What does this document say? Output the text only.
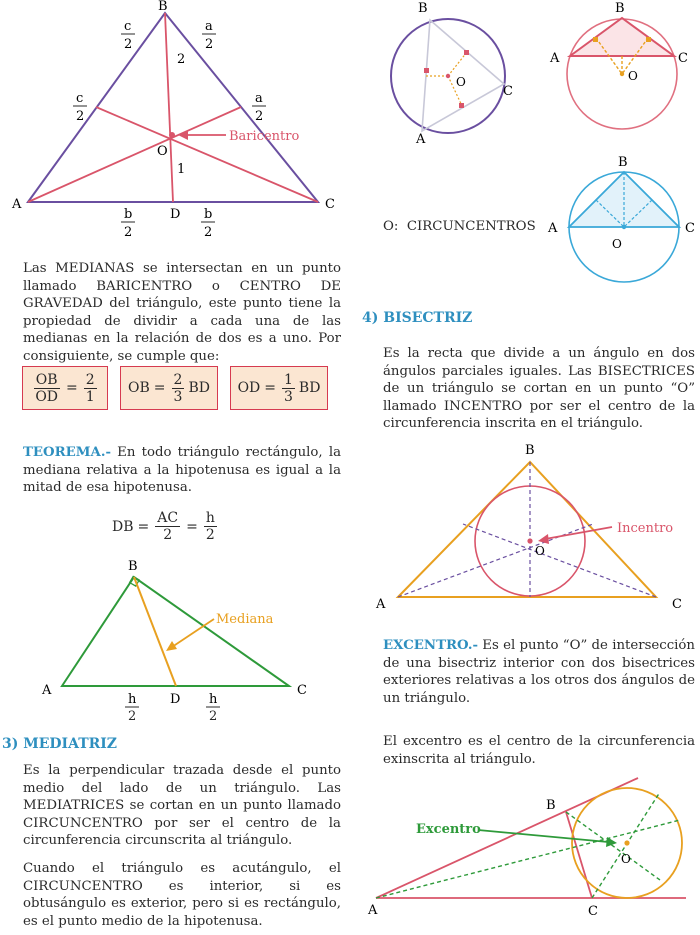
B
A	C
O
D
2
1
c
2
a
2
c
2
a
2
b
2
b
2
Baricentro

Las MEDIANAS se intersectan en un punto llamado BARICENTRO o CENTRO DE GRAVEDAD del triángulo, este punto tiene la propiedad de dividir a cada una de las medianas en la relación de dos es a uno. Por consiguiente, se cumple que:

$\frac{OB}{OD} = \frac{2}{1}$ OB = $\frac{2}{3}$ BD OD = $\frac{1}{3}$ BD

TEOREMA.- En todo triángulo rectángulo, la mediana relativa a la hipotenusa es igual a la mitad de esa hipotenusa.

DB = $\frac{AC}{2} = \frac{h}{2}$
B
A	C
D
Mediana
h	h
2	2
3) MEDIATRIZ

Es la perpendicular trazada desde el punto medio del lado de un triángulo. Las MEDIATRICES se cortan en un punto llamado CIRCUNCENTRO por ser el centro de la circunferencia circunscrita al triángulo.

Cuando el triángulo es acutángulo, el CIRCUNCENTRO es interior, si es obtusángulo es exterior, pero si es rectángulo, es el punto medio de la hipotenusa.

B
C
A
O
B
A	C
O
B
A	C
O
O:  CIRCUNCENTROS
4) BISECTRIZ

Es la recta que divide a un ángulo en dos ángulos parciales iguales. Las BISECTRICES de un triángulo se cortan en un punto “O” llamado INCENTRO por ser el centro de la circunferencia inscrita en el triángulo.

B
A	C
O
Incentro

EXCENTRO.- Es el punto “O” de intersección de una bisectriz interior con dos bisectrices exteriores relativas a los otros dos ángulos de un triángulo.

El excentro es el centro de la circunferencia exinscrita al triángulo.

B
A	C
O
Excentro
